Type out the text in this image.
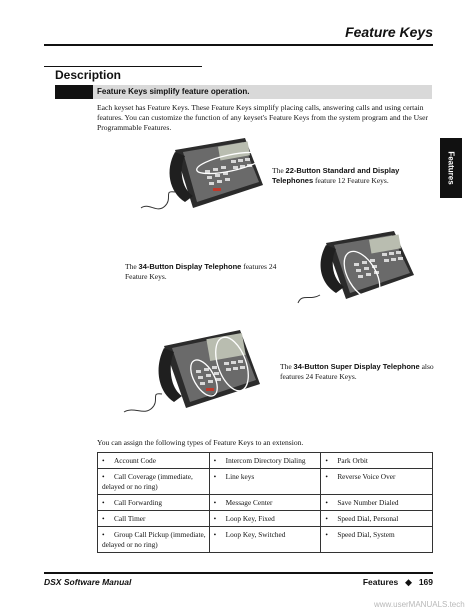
Feature Keys
Description
Feature Keys simplify feature operation.
Each keyset has Feature Keys. These Feature Keys simplify placing calls, answering calls and using certain features. You can customize the function of any keyset's Feature Keys from the system program and the User Programmable Features.
Features
The 22-Button Standard and Display Telephones feature 12 Feature Keys.
The 34-Button Display Telephone features 24 Feature Keys.
The 34-Button Super Display Telephone also features 24 Feature Keys.
You can assign the following types of Feature Keys to an extension.
• Account Code	• Intercom Directory Dialing	• Park Orbit
• Call Coverage (immediate, delayed or no ring)	• Line keys	• Reverse Voice Over
• Call Forwarding	• Message Center	• Save Number Dialed
• Call Timer	• Loop Key, Fixed	• Speed Dial, Personal
• Group Call Pickup (immediate, delayed or no ring)	• Loop Key, Switched	• Speed Dial, System
DSX Software Manual	Features ◆ 169
www.userMANUALS.tech
